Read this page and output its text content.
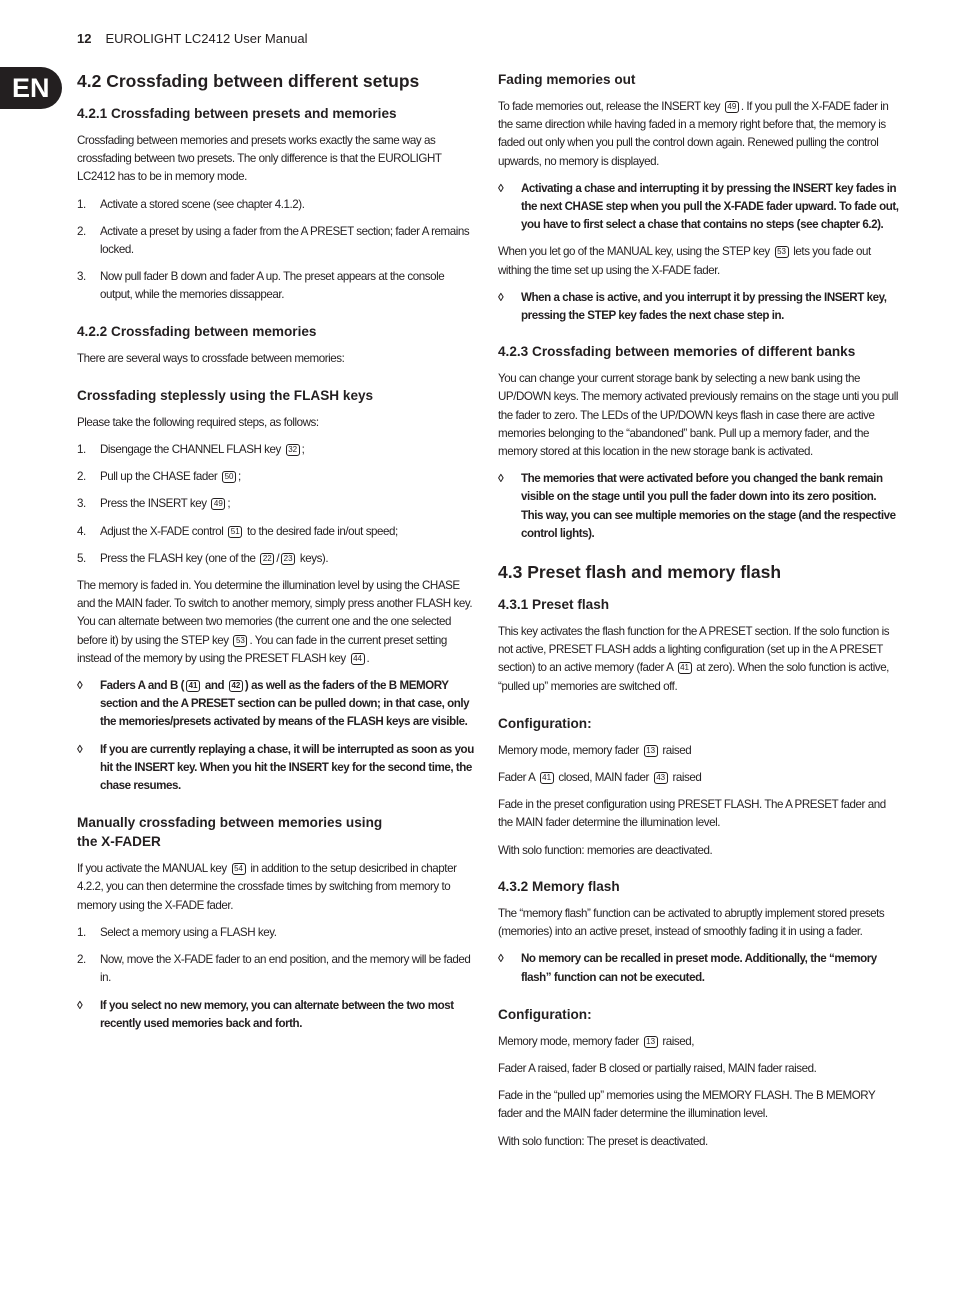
12 EUROLIGHT LC2412 User Manual
EN	4.2 Crossfading between different setups
4.2.1 Crossfading between presets and memories

Crossfading between memories and presets works exactly the same way as crossfading between two presets. The only difference is that the EUROLIGHT LC2412 has to be in memory mode.

1.	Activate a stored scene (see chapter 4.1.2).
2.	Activate a preset by using a fader from the A PRESET section; fader A remains locked.
3.	Now pull fader B down and fader A up. The preset appears at the console output, while the memories dissappear.
4.2.2 Crossfading between memories

There are several ways to crossfade between memories:

Crossfading steplessly using the FLASH keys

Please take the following required steps, as follows:

1.	Disengage the CHANNEL FLASH key 32 ;
2.	Pull up the CHASE fader 50 ;
3.	Press the INSERT key 49 ;
4.	Adjust the X-FADE control 51 to the desired fade in/out speed;
5.	Press the FLASH key (one of the 22 / 23 keys).

The memory is faded in. You determine the illumination level by using the CHASE and the MAIN fader. To switch to another memory, simply press another FLASH key. You can alternate between two memories (the current one and the one selected before it) by using the STEP key 53 . You can fade in the current preset setting instead of the memory by using the PRESET FLASH key 44 .

◊	Faders A and B ( 41 and 42 ) as well as the faders of the B MEMORY section and the A PRESET section can be pulled down; in that case, only the memories/presets activated by means of the FLASH keys are visible.
◊	If you are currently replaying a chase, it will be interrupted as soon as you hit the INSERT key. When you hit the INSERT key for the second time, the chase resumes.
Manually crossfading between memories using
the X-FADER

If you activate the MANUAL key 54 in addition to the setup desicribed in chapter 4.2.2, you can then determine the crossfade times by switching from memory to memory using the X-FADE fader.

1.	Select a memory using a FLASH key.
2.	Now, move the X-FADE fader to an end position, and the memory will be faded in.
◊	If you select no new memory, you can alternate between the two most recently used memories back and forth.
Fading memories out

To fade memories out, release the INSERT key 49 . If you pull the X-FADE fader in the same direction while having faded in a memory right before that, the memory is faded out only when you pull the control down again. Renewed pulling the control upwards, no memory is displayed.

◊	Activating a chase and interrupting it by pressing the INSERT key fades in the next CHASE step when you pull the X-FADE fader upward. To fade out, you have to first select a chase that contains no steps (see chapter 6.2).

When you let go of the MANUAL key, using the STEP key 53 lets you fade out withing the time set up using the X-FADE fader.

◊	When a chase is active, and you interrupt it by pressing the INSERT key, pressing the STEP key fades the next chase step in.
4.2.3 Crossfading between memories of different banks

You can change your current storage bank by selecting a new bank using the UP/DOWN keys. The memory activated previously remains on the stage unti you pull the fader to zero. The LEDs of the UP/DOWN keys flash in case there are active memories belonging to the “abandoned” bank. Pull up a memory fader, and the memory stored at this location in the new storage bank is activated.

◊	The memories that were activated before you changed the bank remain visible on the stage until you pull the fader down into its zero position. This way, you can see multiple memories on the stage (and the respective control lights).
4.3 Preset flash and memory flash
4.3.1 Preset flash

This key activates the flash function for the A PRESET section. If the solo function is not active, PRESET FLASH adds a lighting configuration (set up in the A PRESET section) to an active memory (fader A 41 at zero). When the solo function is active, “pulled up” memories are switched off.

Configuration:

Memory mode, memory fader 13 raised

Fader A 41 closed, MAIN fader 43 raised

Fade in the preset configuration using PRESET FLASH. The A PRESET fader and the MAIN fader determine the illumination level.

With solo function: memories are deactivated.

4.3.2 Memory flash

The “memory flash” function can be activated to abruptly implement stored presets (memories) into an active preset, instead of smoothly fading it in using a fader.

◊	No memory can be recalled in preset mode. Additionally, the “memory flash” function can not be executed.
Configuration:

Memory mode, memory fader 13 raised,

Fader A raised, fader B closed or partially raised, MAIN fader raised.

Fade in the “pulled up” memories using the MEMORY FLASH. The B MEMORY fader and the MAIN fader determine the illumination level.

With solo function: The preset is deactivated.
